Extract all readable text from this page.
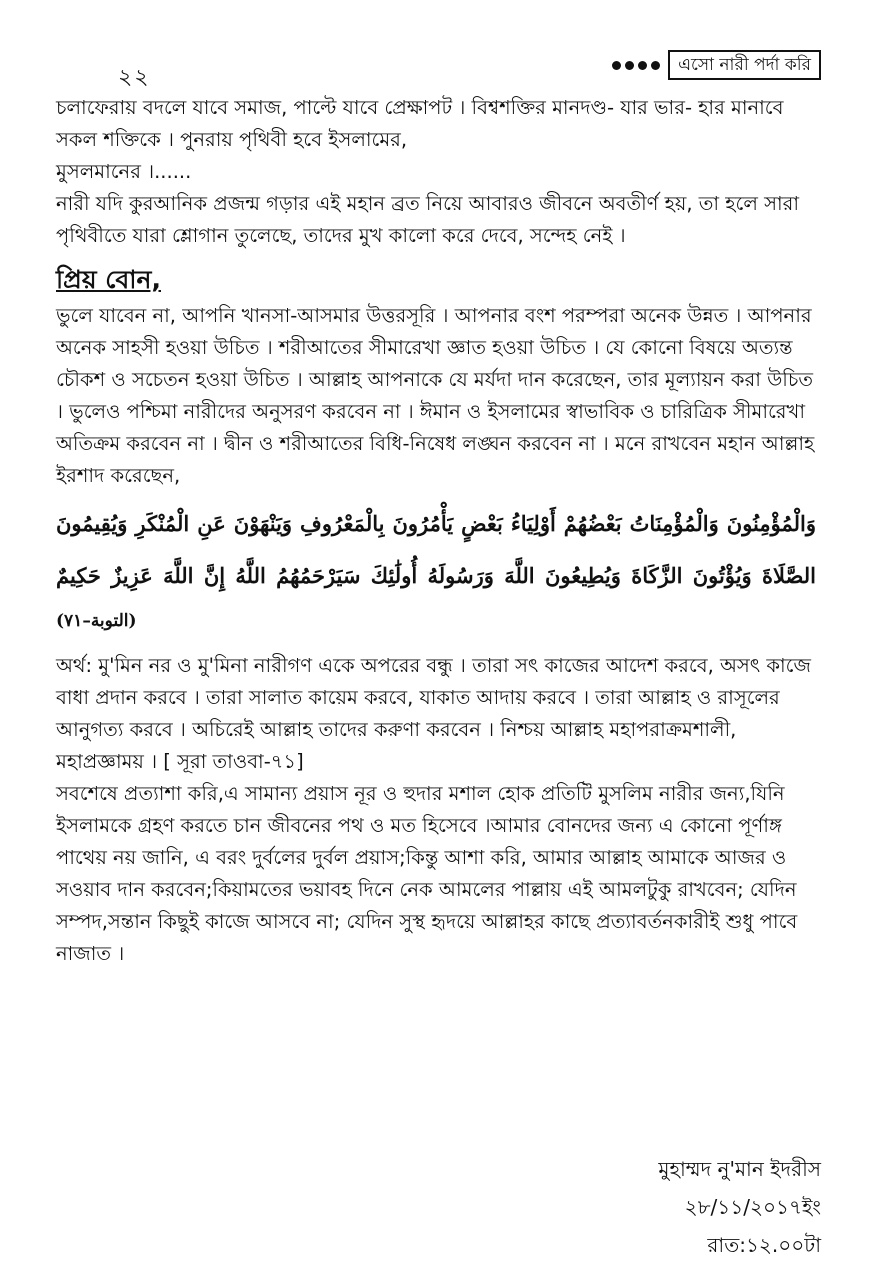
২২	এসো নারী পর্দা করি

চলাফেরায় বদলে যাবে সমাজ, পাল্টে যাবে প্রেক্ষাপট । বিশ্বশক্তির মানদণ্ড- যার ভার- হার মানাবে সকল শক্তিকে । পুনরায় পৃথিবী হবে ইসলামের,

মুসলমানের ।......

নারী যদি কুরআনিক প্রজন্ম গড়ার এই মহান ব্রত নিয়ে আবারও জীবনে অবতীর্ণ হয়, তা হলে সারা পৃথিবীতে যারা শ্লোগান তুলেছে, তাদের মুখ কালো করে দেবে, সন্দেহ নেই ।

প্রিয় বোন,

ভুলে যাবেন না, আপনি খানসা-আসমার উত্তরসূরি । আপনার বংশ পরম্পরা অনেক উন্নত । আপনার অনেক সাহসী হওয়া উচিত । শরীআতের সীমারেখা জ্ঞাত হওয়া উচিত । যে কোনো বিষয়ে অত্যন্ত চৌকশ ও সচেতন হওয়া উচিত । আল্লাহ আপনাকে যে মর্যদা দান করেছেন, তার মূল্যায়ন করা উচিত । ভুলেও পশ্চিমা নারীদের অনুসরণ করবেন না । ঈমান ও ইসলামের স্বাভাবিক ও চারিত্রিক সীমারেখা অতিক্রম করবেন না । দ্বীন ও শরীআতের বিধি-নিষেধ লঙ্ঘন করবেন না । মনে রাখবেন মহান আল্লাহ ইরশাদ করেছেন,

وَالْمُؤْمِنُونَ وَالْمُؤْمِنَاتُ بَعْضُهُمْ أَوْلِيَاءُ بَعْضٍ يَأْمُرُونَ بِالْمَعْرُوفِ وَيَنْهَوْنَ عَنِ الْمُنْكَرِ وَيُقِيمُونَ الصَّلَاةَ وَيُؤْتُونَ الزَّكَاةَ وَيُطِيعُونَ اللَّهَ وَرَسُولَهُ أُولَٰئِكَ سَيَرْحَمُهُمُ اللَّهُ إِنَّ اللَّهَ عَزِيزٌ حَكِيمٌ

(التوبة–٧١)

অর্থ: মু'মিন নর ও মু'মিনা নারীগণ একে অপরের বন্ধু । তারা সৎ কাজের আদেশ করবে, অসৎ কাজে বাধা প্রদান করবে । তারা সালাত কায়েম করবে, যাকাত আদায় করবে । তারা আল্লাহ ও রাসূলের আনুগত্য করবে । অচিরেই আল্লাহ তাদের করুণা করবেন । নিশ্চয় আল্লাহ মহাপরাক্রমশালী, মহাপ্রজ্ঞাময় । [ সূরা তাওবা-৭১]

সবশেষে প্রত্যাশা করি,এ সামান্য প্রয়াস নূর ও হুদার মশাল হোক প্রতিটি মুসলিম নারীর জন্য,যিনি ইসলামকে গ্রহণ করতে চান জীবনের পথ ও মত হিসেবে ।আমার বোনদের জন্য এ কোনো পূর্ণাঙ্গ পাথেয় নয় জানি, এ বরং দুর্বলের দুর্বল প্রয়াস;কিন্তু আশা করি, আমার আল্লাহ আমাকে আজর ও সওয়াব দান করবেন;কিয়ামতের ভয়াবহ দিনে নেক আমলের পাল্লায় এই আমলটুকু রাখবেন; যেদিন সম্পদ,সন্তান কিছুই কাজে আসবে না; যেদিন সুস্থ হৃদয়ে আল্লাহর কাছে প্রত্যাবর্তনকারীই শুধু পাবে নাজাত ।

মুহাম্মদ নু'মান ইদরীস
২৮/১১/২০১৭ইং
রাত:১২.০০টা
